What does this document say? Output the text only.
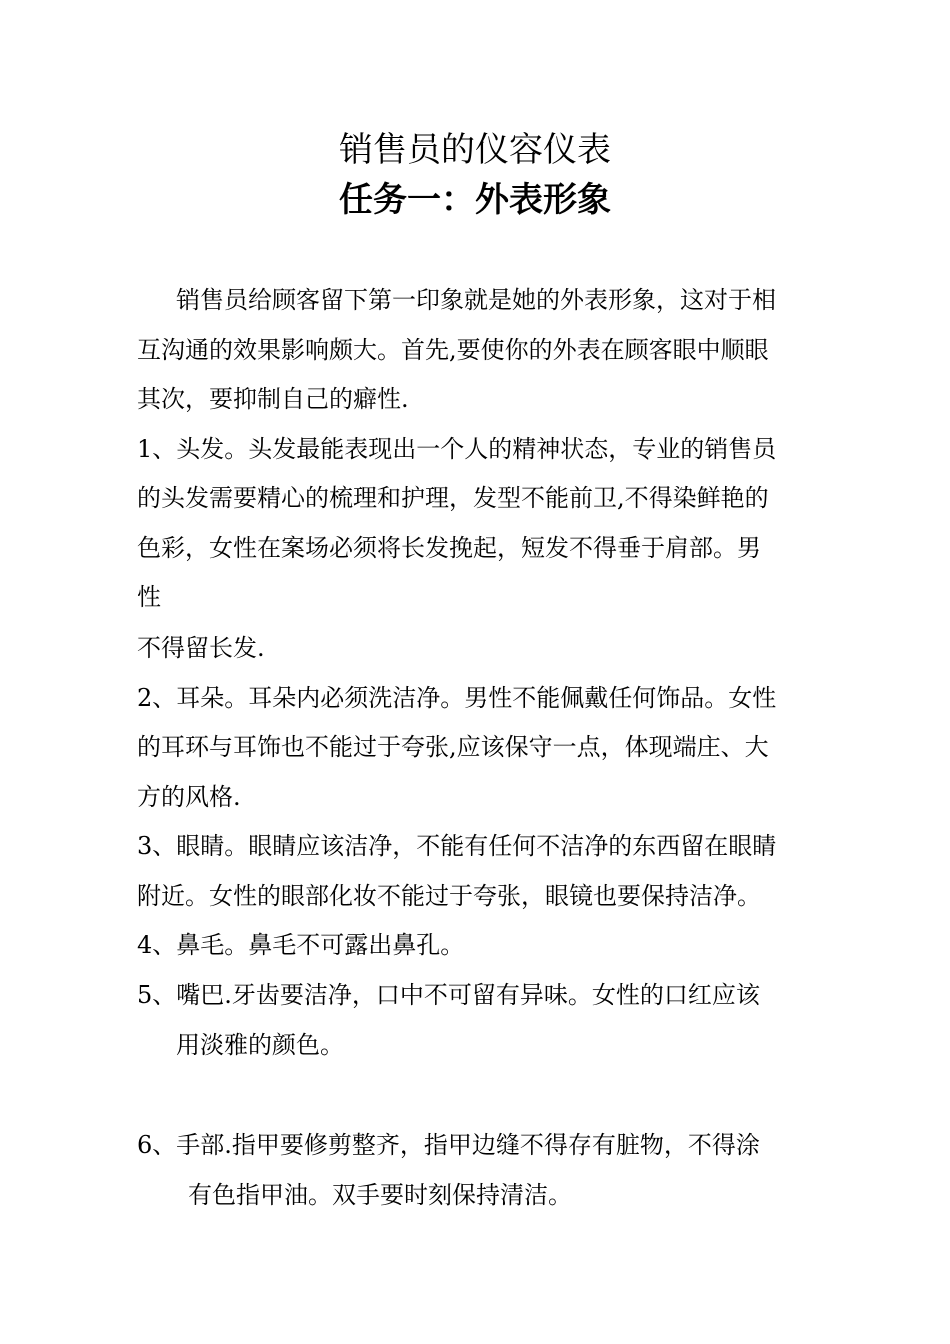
销售员的仪容仪表
任务一：外表形象
销售员给顾客留下第一印象就是她的外表形象，这对于相
互沟通的效果影响颇大。首先,要使你的外表在顾客眼中顺眼
其次，要抑制自己的癖性.
1、头发。头发最能表现出一个人的精神状态，专业的销售员
的头发需要精心的梳理和护理，发型不能前卫,不得染鲜艳的
色彩，女性在案场必须将长发挽起，短发不得垂于肩部。男
性
不得留长发.
2、耳朵。耳朵内必须洗洁净。男性不能佩戴任何饰品。女性
的耳环与耳饰也不能过于夸张,应该保守一点，体现端庄、大
方的风格.
3、眼睛。眼睛应该洁净，不能有任何不洁净的东西留在眼睛
附近。女性的眼部化妆不能过于夸张，眼镜也要保持洁净。
4、鼻毛。鼻毛不可露出鼻孔。
5、嘴巴.牙齿要洁净，口中不可留有异味。女性的口红应该
用淡雅的颜色。
6、手部.指甲要修剪整齐，指甲边缝不得存有脏物，不得涂
有色指甲油。双手要时刻保持清洁。
